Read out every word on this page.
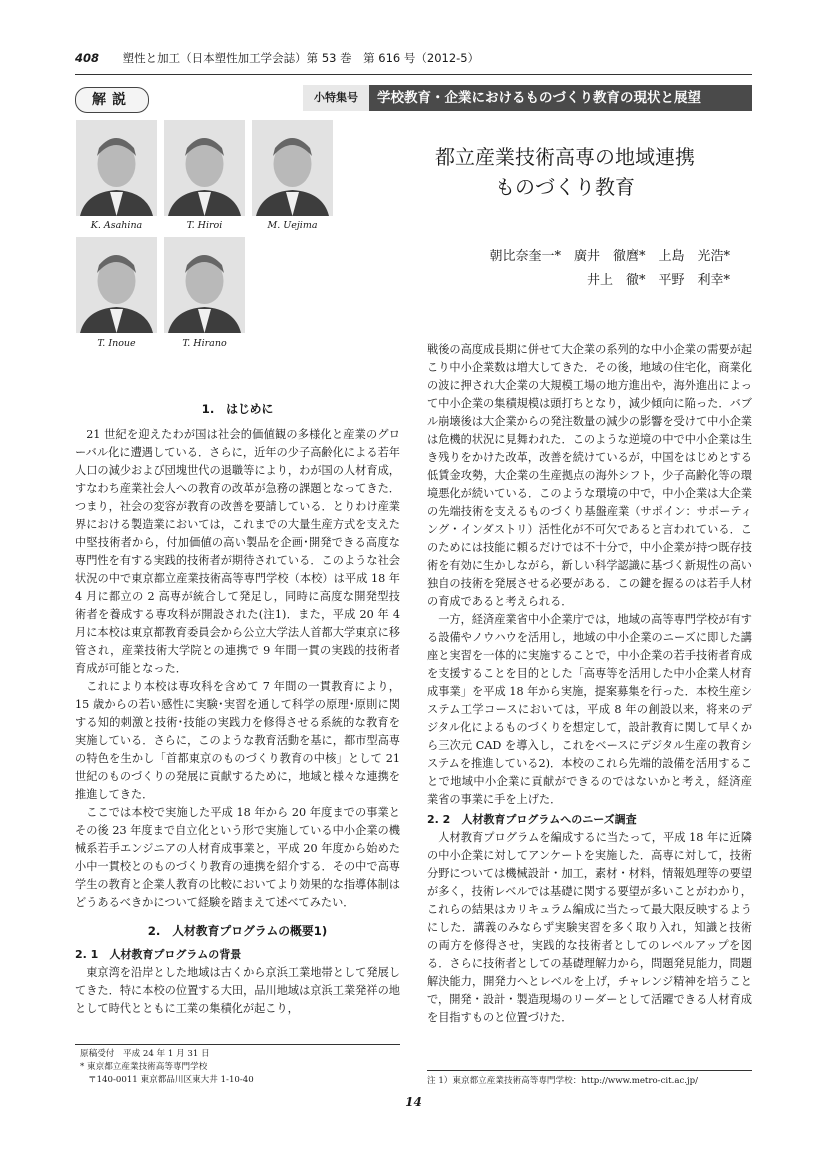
408 塑性と加工（日本塑性加工学会誌）第 53 巻　第 616 号（2012-5）
解説	小特集号	学校教育・企業におけるものづくり教育の現状と展望
K. Asahina	T. Hiroi	M. Uejima
T. Inoue	T. Hirano
都立産業技術高専の地域連携
ものづくり教育
朝比奈奎一*　廣井　徹麿*　上島　光浩*
井上　徹*　平野　利幸*
1.　はじめに

21 世紀を迎えたわが国は社会的価値観の多様化と産業のグローバル化に遭遇している．さらに，近年の少子高齢化による若年人口の減少および団塊世代の退職等により，わが国の人材育成，すなわち産業社会人への教育の改革が急務の課題となってきた．つまり，社会の変容が教育の改善を要請している．とりわけ産業界における製造業においては，これまでの大量生産方式を支えた中堅技術者から，付加価値の高い製品を企画･開発できる高度な専門性を有する実践的技術者が期待されている．このような社会状況の中で東京都立産業技術高等専門学校（本校）は平成 18 年 4 月に都立の 2 高専が統合して発足し，同時に高度な開発型技術者を養成する専攻科が開設された(注1)．また，平成 20 年 4 月に本校は東京都教育委員会から公立大学法人首都大学東京に移管され，産業技術大学院との連携で 9 年間一貫の実践的技術者育成が可能となった．

これにより本校は専攻科を含めて 7 年間の一貫教育により，15 歳からの若い感性に実験･実習を通して科学の原理･原則に関する知的刺激と技術･技能の実践力を修得させる系統的な教育を実施している．さらに，このような教育活動を基に，都市型高専の特色を生かし「首都東京のものづくり教育の中核」として 21 世紀のものづくりの発展に貢献するために，地域と様々な連携を推進してきた．

ここでは本校で実施した平成 18 年から 20 年度までの事業とその後 23 年度まで自立化という形で実施している中小企業の機械系若手エンジニアの人材育成事業と，平成 20 年度から始めた小中一貫校とのものづくり教育の連携を紹介する．その中で高専学生の教育と企業人教育の比較においてより効果的な指導体制はどうあるべきかについて経験を踏まえて述べてみたい．

2.　人材教育プログラムの概要1)
2. 1　人材教育プログラムの背景

東京湾を沿岸とした地域は古くから京浜工業地帯として発展してきた．特に本校の位置する大田，品川地域は京浜工業発祥の地として時代とともに工業の集積化が起こり，

戦後の高度成長期に併せて大企業の系列的な中小企業の需要が起こり中小企業数は増大してきた．その後，地域の住宅化，商業化の波に押され大企業の大規模工場の地方進出や，海外進出によって中小企業の集積規模は頭打ちとなり，減少傾向に陥った．バブル崩壊後は大企業からの発注数量の減少の影響を受けて中小企業は危機的状況に見舞われた．このような逆境の中で中小企業は生き残りをかけた改革，改善を続けているが，中国をはじめとする低賃金攻勢，大企業の生産拠点の海外シフト，少子高齢化等の環境悪化が続いている．このような環境の中で，中小企業は大企業の先端技術を支えるものづくり基盤産業（サポイン：サポーティング・インダストリ）活性化が不可欠であると言われている．このためには技能に頼るだけでは不十分で，中小企業が持つ既存技術を有効に生かしながら，新しい科学認識に基づく新規性の高い独自の技術を発展させる必要がある．この鍵を握るのは若手人材の育成であると考えられる．

一方，経済産業省中小企業庁では，地域の高等専門学校が有する設備やノウハウを活用し，地域の中小企業のニーズに即した講座と実習を一体的に実施することで，中小企業の若手技術者育成を支援することを目的とした「高専等を活用した中小企業人材育成事業」を平成 18 年から実施，提案募集を行った．本校生産システム工学コースにおいては，平成 8 年の創設以来，将来のデジタル化によるものづくりを想定して，設計教育に関して早くから三次元 CAD を導入し，これをベースにデジタル生産の教育システムを推進している2)．本校のこれら先端的設備を活用することで地域中小企業に貢献ができるのではないかと考え，経済産業省の事業に手を上げた．

2. 2　人材教育プログラムへのニーズ調査

人材教育プログラムを編成するに当たって，平成 18 年に近隣の中小企業に対してアンケートを実施した．高専に対して，技術分野については機械設計・加工，素材・材料，情報処理等の要望が多く，技術レベルでは基礎に関する要望が多いことがわかり，これらの結果はカリキュラム編成に当たって最大限反映するようにした．講義のみならず実験実習を多く取り入れ，知識と技術の両方を修得させ，実践的な技術者としてのレベルアップを図る．さらに技術者としての基礎理解力から，問題発見能力，問題解決能力，開発力へとレベルを上げ，チャレンジ精神を培うことで，開発・設計・製造現場のリーダーとして活躍できる人材育成を目指すものと位置づけた．

原稿受付　平成 24 年 1 月 31 日
* 東京都立産業技術高等専門学校
〒140-0011 東京都品川区東大井 1-10-40	注 1）東京都立産業技術高等専門学校：http://www.metro-cit.ac.jp/
14
